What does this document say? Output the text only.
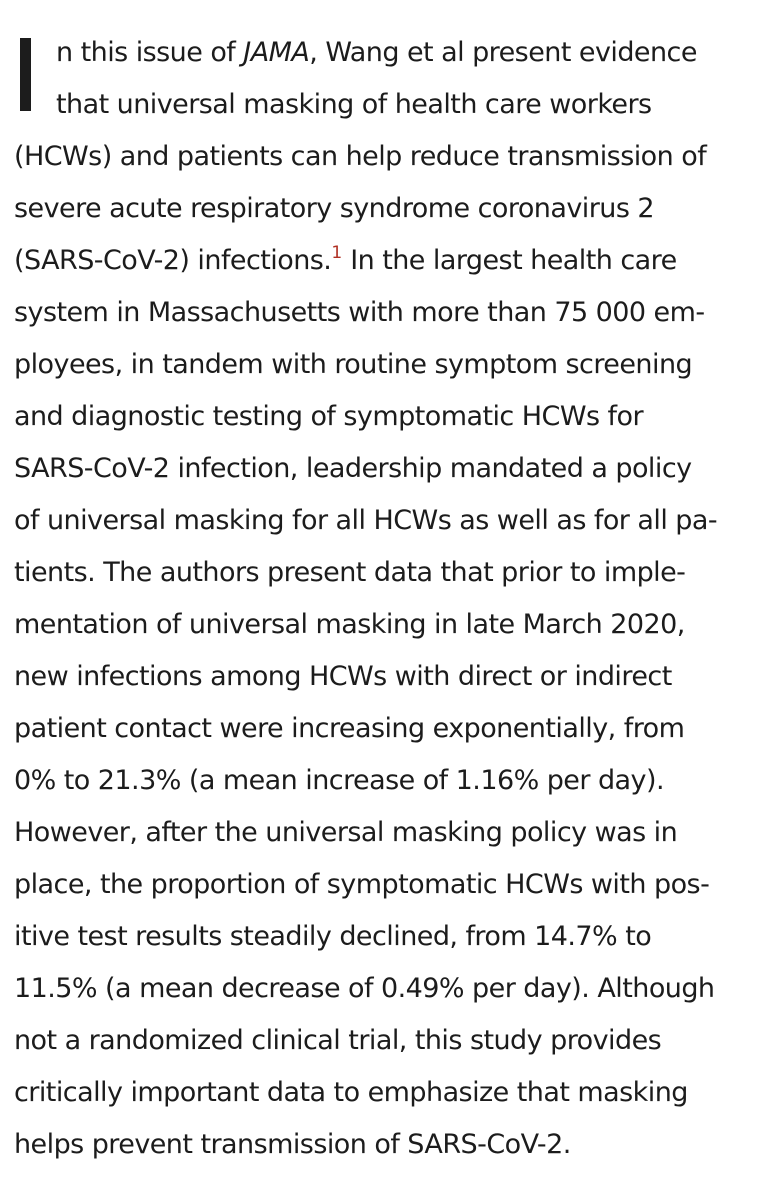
n this issue of JAMA, Wang et al present evidence
that universal masking of health care workers
(HCWs) and patients can help reduce transmission of
severe acute respiratory syndrome coronavirus 2
(SARS-CoV-2) infections.$^1$ In the largest health care
system in Massachusetts with more than 75 000 em-
ployees, in tandem with routine symptom screening
and diagnostic testing of symptomatic HCWs for
SARS-CoV-2 infection, leadership mandated a policy
of universal masking for all HCWs as well as for all pa-
tients. The authors present data that prior to imple-
mentation of universal masking in late March 2020,
new infections among HCWs with direct or indirect
patient contact were increasing exponentially, from
0% to 21.3% (a mean increase of 1.16% per day).
However, after the universal masking policy was in
place, the proportion of symptomatic HCWs with pos-
itive test results steadily declined, from 14.7% to
11.5% (a mean decrease of 0.49% per day). Although
not a randomized clinical trial, this study provides
critically important data to emphasize that masking
helps prevent transmission of SARS-CoV-2.
